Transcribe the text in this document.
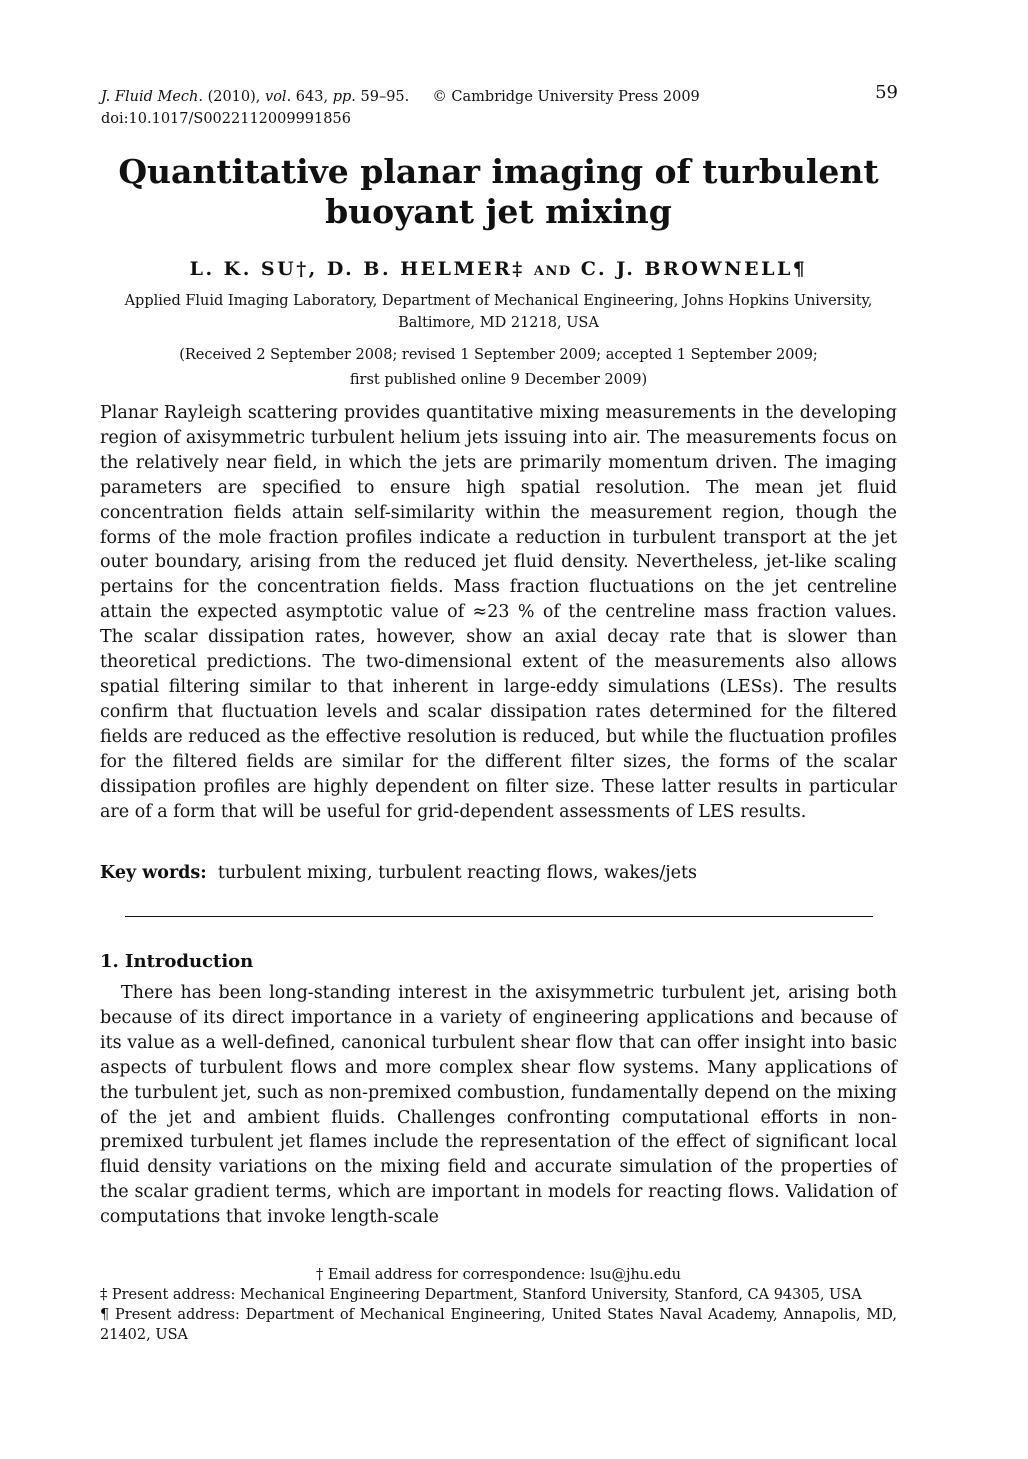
J. Fluid Mech. (2010), vol. 643, pp. 59–95. © Cambridge University Press 2009
doi:10.1017/S0022112009991856
59
Quantitative planar imaging of turbulent
buoyant jet mixing
L. K. SU†, D. B. HELMER‡ AND C. J. BROWNELL¶
Applied Fluid Imaging Laboratory, Department of Mechanical Engineering, Johns Hopkins University,
Baltimore, MD 21218, USA
(Received 2 September 2008; revised 1 September 2009; accepted 1 September 2009;
first published online 9 December 2009)

Planar Rayleigh scattering provides quantitative mixing measurements in the developing region of axisymmetric turbulent helium jets issuing into air. The measurements focus on the relatively near field, in which the jets are primarily momentum driven. The imaging parameters are specified to ensure high spatial resolution. The mean jet fluid concentration fields attain self-similarity within the measurement region, though the forms of the mole fraction profiles indicate a reduction in turbulent transport at the jet outer boundary, arising from the reduced jet fluid density. Nevertheless, jet-like scaling pertains for the concentration fields. Mass fraction fluctuations on the jet centreline attain the expected asymptotic value of ≈23 % of the centreline mass fraction values. The scalar dissipation rates, however, show an axial decay rate that is slower than theoretical predictions. The two-dimensional extent of the measurements also allows spatial filtering similar to that inherent in large-eddy simulations (LESs). The results confirm that fluctuation levels and scalar dissipation rates determined for the filtered fields are reduced as the effective resolution is reduced, but while the fluctuation profiles for the filtered fields are similar for the different filter sizes, the forms of the scalar dissipation profiles are highly dependent on filter size. These latter results in particular are of a form that will be useful for grid-dependent assessments of LES results.

Key words: turbulent mixing, turbulent reacting flows, wakes/jets
1. Introduction

There has been long-standing interest in the axisymmetric turbulent jet, arising both because of its direct importance in a variety of engineering applications and because of its value as a well-defined, canonical turbulent shear flow that can offer insight into basic aspects of turbulent flows and more complex shear flow systems. Many applications of the turbulent jet, such as non-premixed combustion, fundamentally depend on the mixing of the jet and ambient fluids. Challenges confronting computational efforts in non-premixed turbulent jet flames include the representation of the effect of significant local fluid density variations on the mixing field and accurate simulation of the properties of the scalar gradient terms, which are important in models for reacting flows. Validation of computations that invoke length-scale

† Email address for correspondence: lsu@jhu.edu
‡ Present address: Mechanical Engineering Department, Stanford University, Stanford, CA 94305, USA
¶ Present address: Department of Mechanical Engineering, United States Naval Academy, Annapolis, MD, 21402, USA
